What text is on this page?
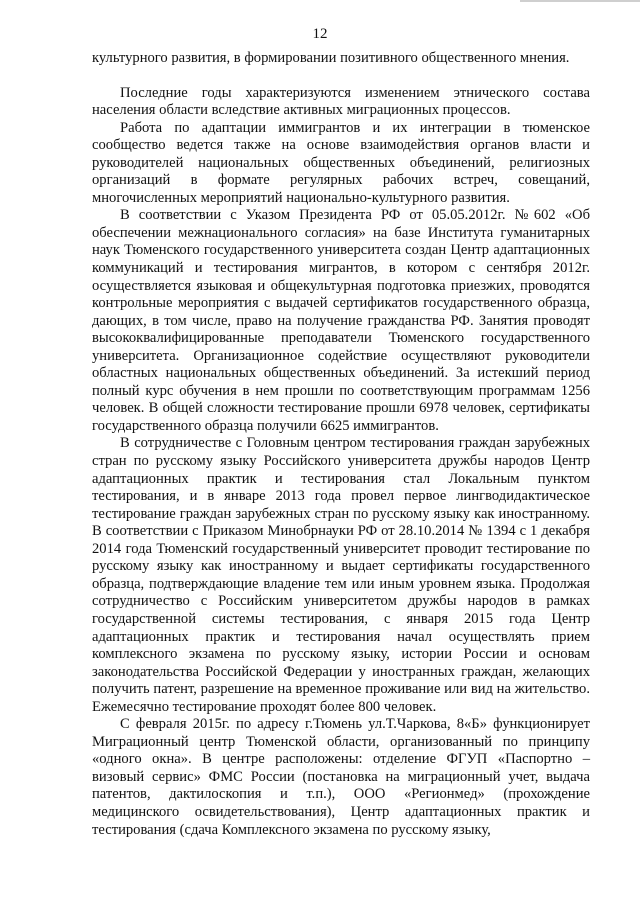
12

культурного развития, в формировании позитивного общественного мнения.

Последние годы характеризуются изменением этнического состава населения области вследствие активных миграционных процессов.

Работа по адаптации иммигрантов и их интеграции в тюменское сообщество ведется также на основе взаимодействия органов власти и руководителей национальных общественных объединений, религиозных организаций в формате регулярных рабочих встреч, совещаний, многочисленных мероприятий национально-культурного развития.

В соответствии с Указом Президента РФ от 05.05.2012г. №602 «Об обеспечении межнационального согласия» на базе Института гуманитарных наук Тюменского государственного университета создан Центр адаптационных коммуникаций и тестирования мигрантов, в котором с сентября 2012г. осуществляется языковая и общекультурная подготовка приезжих, проводятся контрольные мероприятия с выдачей сертификатов государственного образца, дающих, в том числе, право на получение гражданства РФ. Занятия проводят высококвалифицированные преподаватели Тюменского государственного университета. Организационное содействие осуществляют руководители областных национальных общественных объединений. За истекший период полный курс обучения в нем прошли по соответствующим программам 1256 человек. В общей сложности тестирование прошли 6978 человек, сертификаты государственного образца получили 6625 иммигрантов.

В сотрудничестве с Головным центром тестирования граждан зарубежных стран по русскому языку Российского университета дружбы народов Центр адаптационных практик и тестирования стал Локальным пунктом тестирования, и в январе 2013 года провел первое лингводидактическое тестирование граждан зарубежных стран по русскому языку как иностранному. В соответствии с Приказом Минобрнауки РФ от 28.10.2014 № 1394 с 1 декабря 2014 года Тюменский государственный университет проводит тестирование по русскому языку как иностранному и выдает сертификаты государственного образца, подтверждающие владение тем или иным уровнем языка. Продолжая сотрудничество с Российским университетом дружбы народов в рамках государственной системы тестирования, с января 2015 года Центр адаптационных практик и тестирования начал осуществлять прием комплексного экзамена по русскому языку, истории России и основам законодательства Российской Федерации у иностранных граждан, желающих получить патент, разрешение на временное проживание или вид на жительство. Ежемесячно тестирование проходят более 800 человек.

С февраля 2015г. по адресу г.Тюмень ул.Т.Чаркова, 8«Б» функционирует Миграционный центр Тюменской области, организованный по принципу «одного окна». В центре расположены: отделение ФГУП «Паспортно – визовый сервис» ФМС России (постановка на миграционный учет, выдача патентов, дактилоскопия и т.п.), ООО «Регионмед» (прохождение медицинского освидетельствования), Центр адаптационных практик и тестирования (сдача Комплексного экзамена по русскому языку,
